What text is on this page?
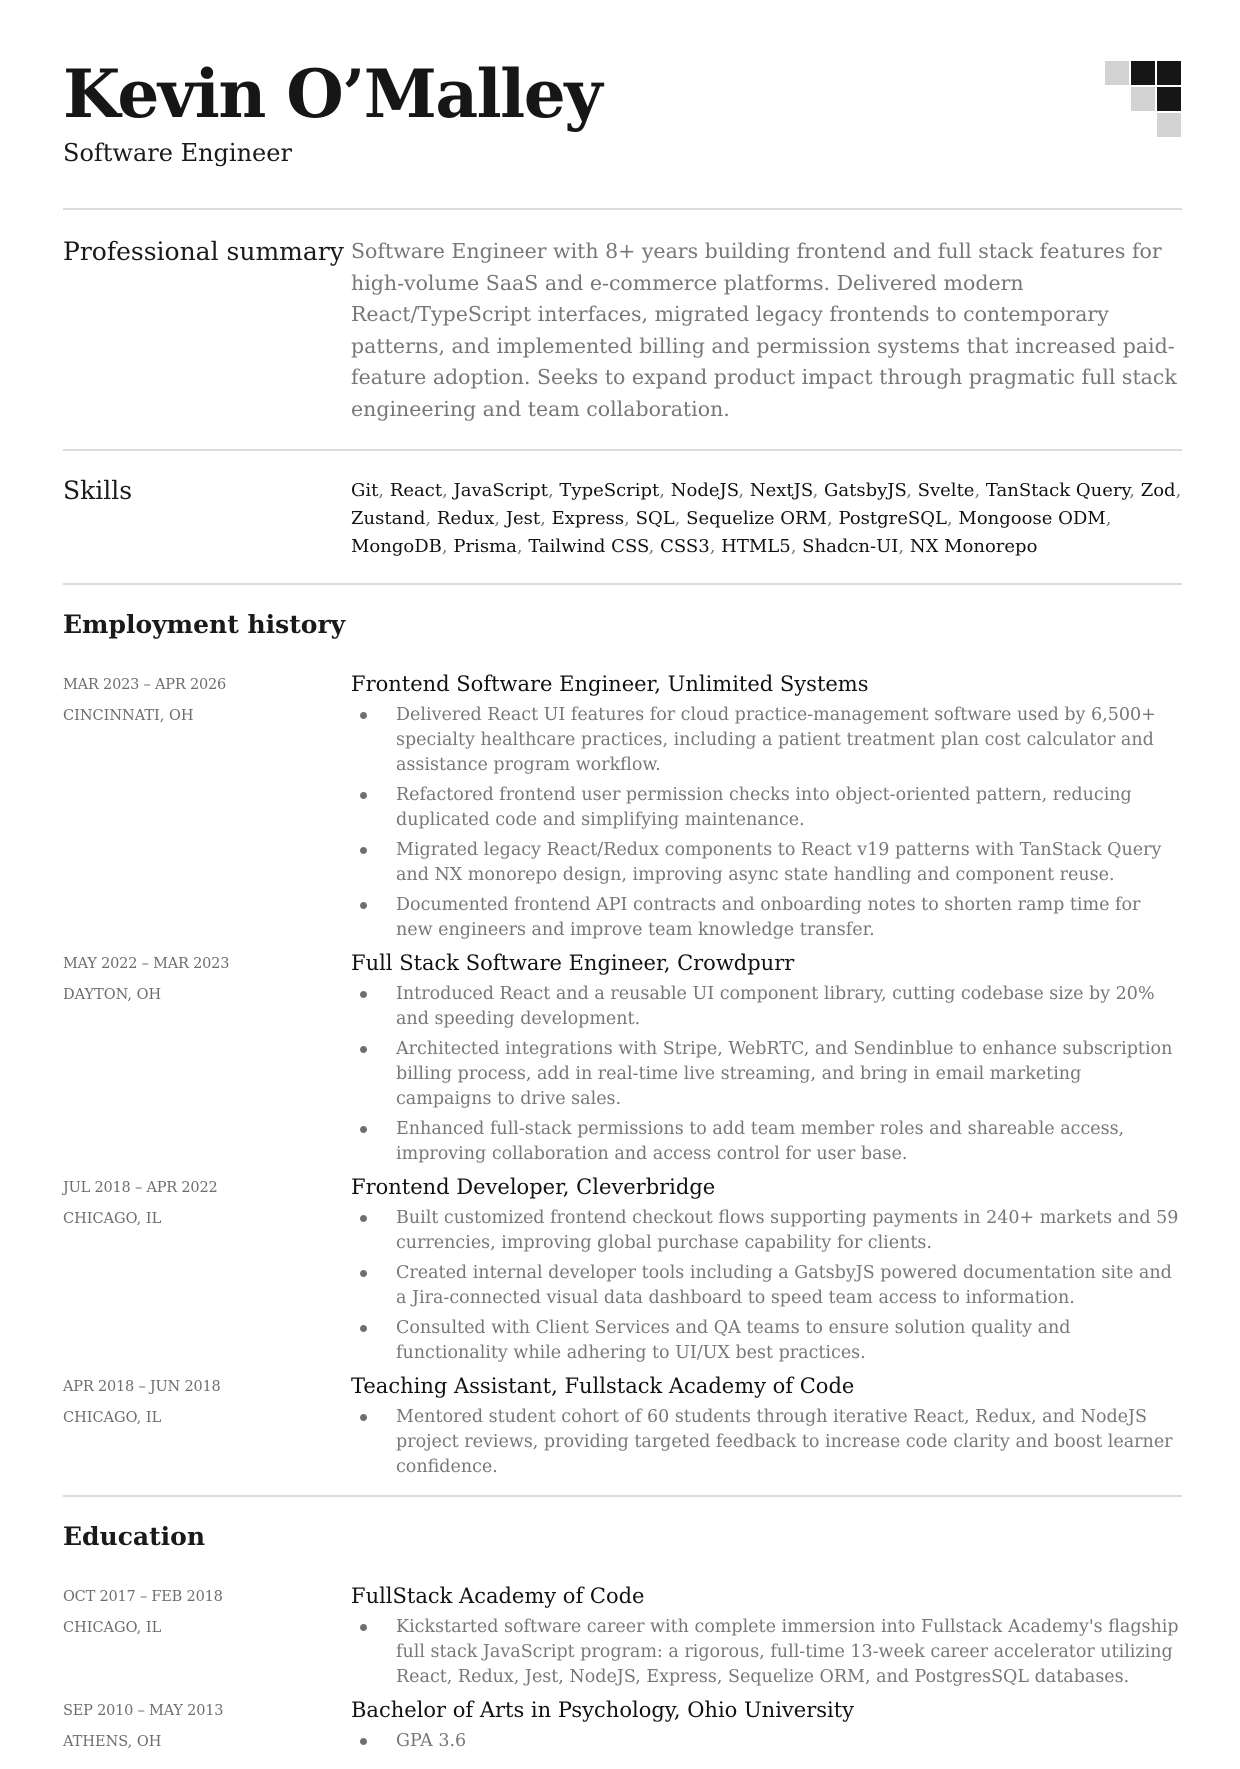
Kevin O’Malley
Software Engineer
Professional summary Software Engineer with 8+ years building frontend and full stack features for high-volume SaaS and e-commerce platforms. Delivered modern React/TypeScript interfaces, migrated legacy frontends to contemporary patterns, and implemented billing and permission systems that increased paid-feature adoption. Seeks to expand product impact through pragmatic full stack engineering and team collaboration.

Skills	Git, React, JavaScript, TypeScript, NodeJS, NextJS, GatsbyJS, Svelte, TanStack Query, Zod, Zustand, Redux, Jest, Express, SQL, Sequelize ORM, PostgreSQL, Mongoose ODM, MongoDB, Prisma, Tailwind CSS, CSS3, HTML5, Shadcn-UI, NX Monorepo
Employment history
MAR 2023 – APR 2026
CINCINNATI, OH
Frontend Software Engineer, Unlimited Systems
Delivered React UI features for cloud practice-management software used by 6,500+ specialty healthcare practices, including a patient treatment plan cost calculator and assistance program workflow.
Refactored frontend user permission checks into object-oriented pattern, reducing duplicated code and simplifying maintenance.
Migrated legacy React/Redux components to React v19 patterns with TanStack Query and NX monorepo design, improving async state handling and component reuse.
Documented frontend API contracts and onboarding notes to shorten ramp time for new engineers and improve team knowledge transfer.
MAY 2022 – MAR 2023
DAYTON, OH
Full Stack Software Engineer, Crowdpurr
Introduced React and a reusable UI component library, cutting codebase size by 20% and speeding development.
Architected integrations with Stripe, WebRTC, and Sendinblue to enhance subscription billing process, add in real-time live streaming, and bring in email marketing campaigns to drive sales.
Enhanced full-stack permissions to add team member roles and shareable access, improving collaboration and access control for user base.
JUL 2018 – APR 2022
CHICAGO, IL
Frontend Developer, Cleverbridge
Built customized frontend checkout flows supporting payments in 240+ markets and 59 currencies, improving global purchase capability for clients.
Created internal developer tools including a GatsbyJS powered documentation site and a Jira-connected visual data dashboard to speed team access to information.
Consulted with Client Services and QA teams to ensure solution quality and functionality while adhering to UI/UX best practices.
APR 2018 – JUN 2018
CHICAGO, IL
Teaching Assistant, Fullstack Academy of Code
Mentored student cohort of 60 students through iterative React, Redux, and NodeJS project reviews, providing targeted feedback to increase code clarity and boost learner confidence.
Education
OCT 2017 – FEB 2018
CHICAGO, IL
FullStack Academy of Code
Kickstarted software career with complete immersion into Fullstack Academy's flagship full stack JavaScript program: a rigorous, full-time 13-week career accelerator utilizing React, Redux, Jest, NodeJS, Express, Sequelize ORM, and PostgresSQL databases.
SEP 2010 – MAY 2013
ATHENS, OH
Bachelor of Arts in Psychology, Ohio University
GPA 3.6
